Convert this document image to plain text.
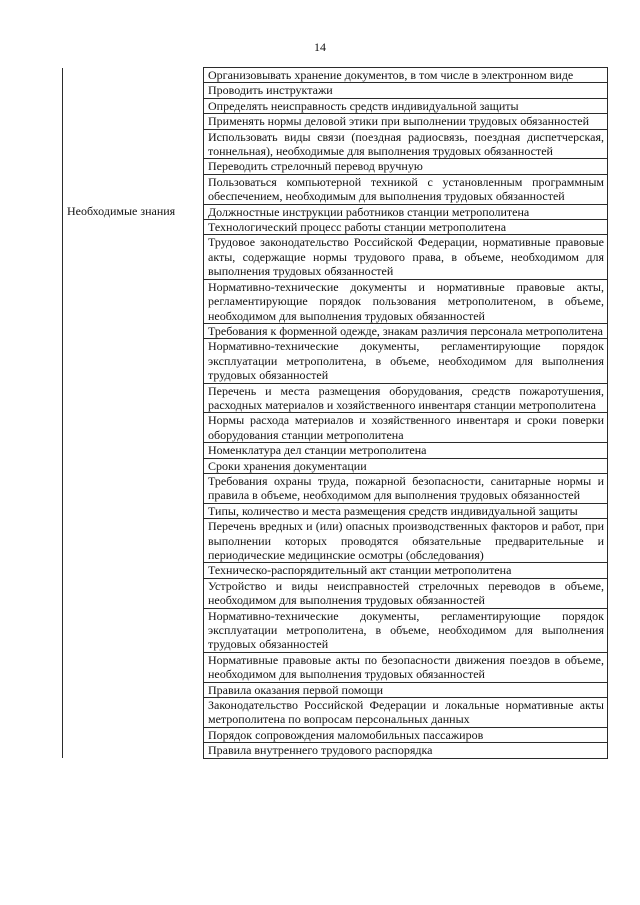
14
	Организовывать хранение документов, в том числе в электронном виде
	Проводить инструктажи
	Определять неисправность средств индивидуальной защиты
	Применять нормы деловой этики при выполнении трудовых обязанностей
	Использовать виды связи (поездная радиосвязь, поездная диспетчерская, тоннельная), необходимые для выполнения трудовых обязанностей
	Переводить стрелочный перевод вручную
	Пользоваться компьютерной техникой с установленным программным обеспечением, необходимым для выполнения трудовых обязанностей
Необходимые знания	Должностные инструкции работников станции метрополитена
	Технологический процесс работы станции метрополитена
	Трудовое законодательство Российской Федерации, нормативные правовые акты, содержащие нормы трудового права, в объеме, необходимом для выполнения трудовых обязанностей
	Нормативно-технические документы и нормативные правовые акты, регламентирующие порядок пользования метрополитеном, в объеме, необходимом для выполнения трудовых обязанностей
	Требования к форменной одежде, знакам различия персонала метрополитена
	Нормативно-технические документы, регламентирующие порядок эксплуатации метрополитена, в объеме, необходимом для выполнения трудовых обязанностей
	Перечень и места размещения оборудования, средств пожаротушения, расходных материалов и хозяйственного инвентаря станции метрополитена
	Нормы расхода материалов и хозяйственного инвентаря и сроки поверки оборудования станции метрополитена
	Номенклатура дел станции метрополитена
	Сроки хранения документации
	Требования охраны труда, пожарной безопасности, санитарные нормы и правила в объеме, необходимом для выполнения трудовых обязанностей
	Типы, количество и места размещения средств индивидуальной защиты
	Перечень вредных и (или) опасных производственных факторов и работ, при выполнении которых проводятся обязательные предварительные и периодические медицинские осмотры (обследования)
	Техническо-распорядительный акт станции метрополитена
	Устройство и виды неисправностей стрелочных переводов в объеме, необходимом для выполнения трудовых обязанностей
	Нормативно-технические документы, регламентирующие порядок эксплуатации метрополитена, в объеме, необходимом для выполнения трудовых обязанностей
	Нормативные правовые акты по безопасности движения поездов в объеме, необходимом для выполнения трудовых обязанностей
	Правила оказания первой помощи
	Законодательство Российской Федерации и локальные нормативные акты метрополитена по вопросам персональных данных
	Порядок сопровождения маломобильных пассажиров
	Правила внутреннего трудового распорядка
